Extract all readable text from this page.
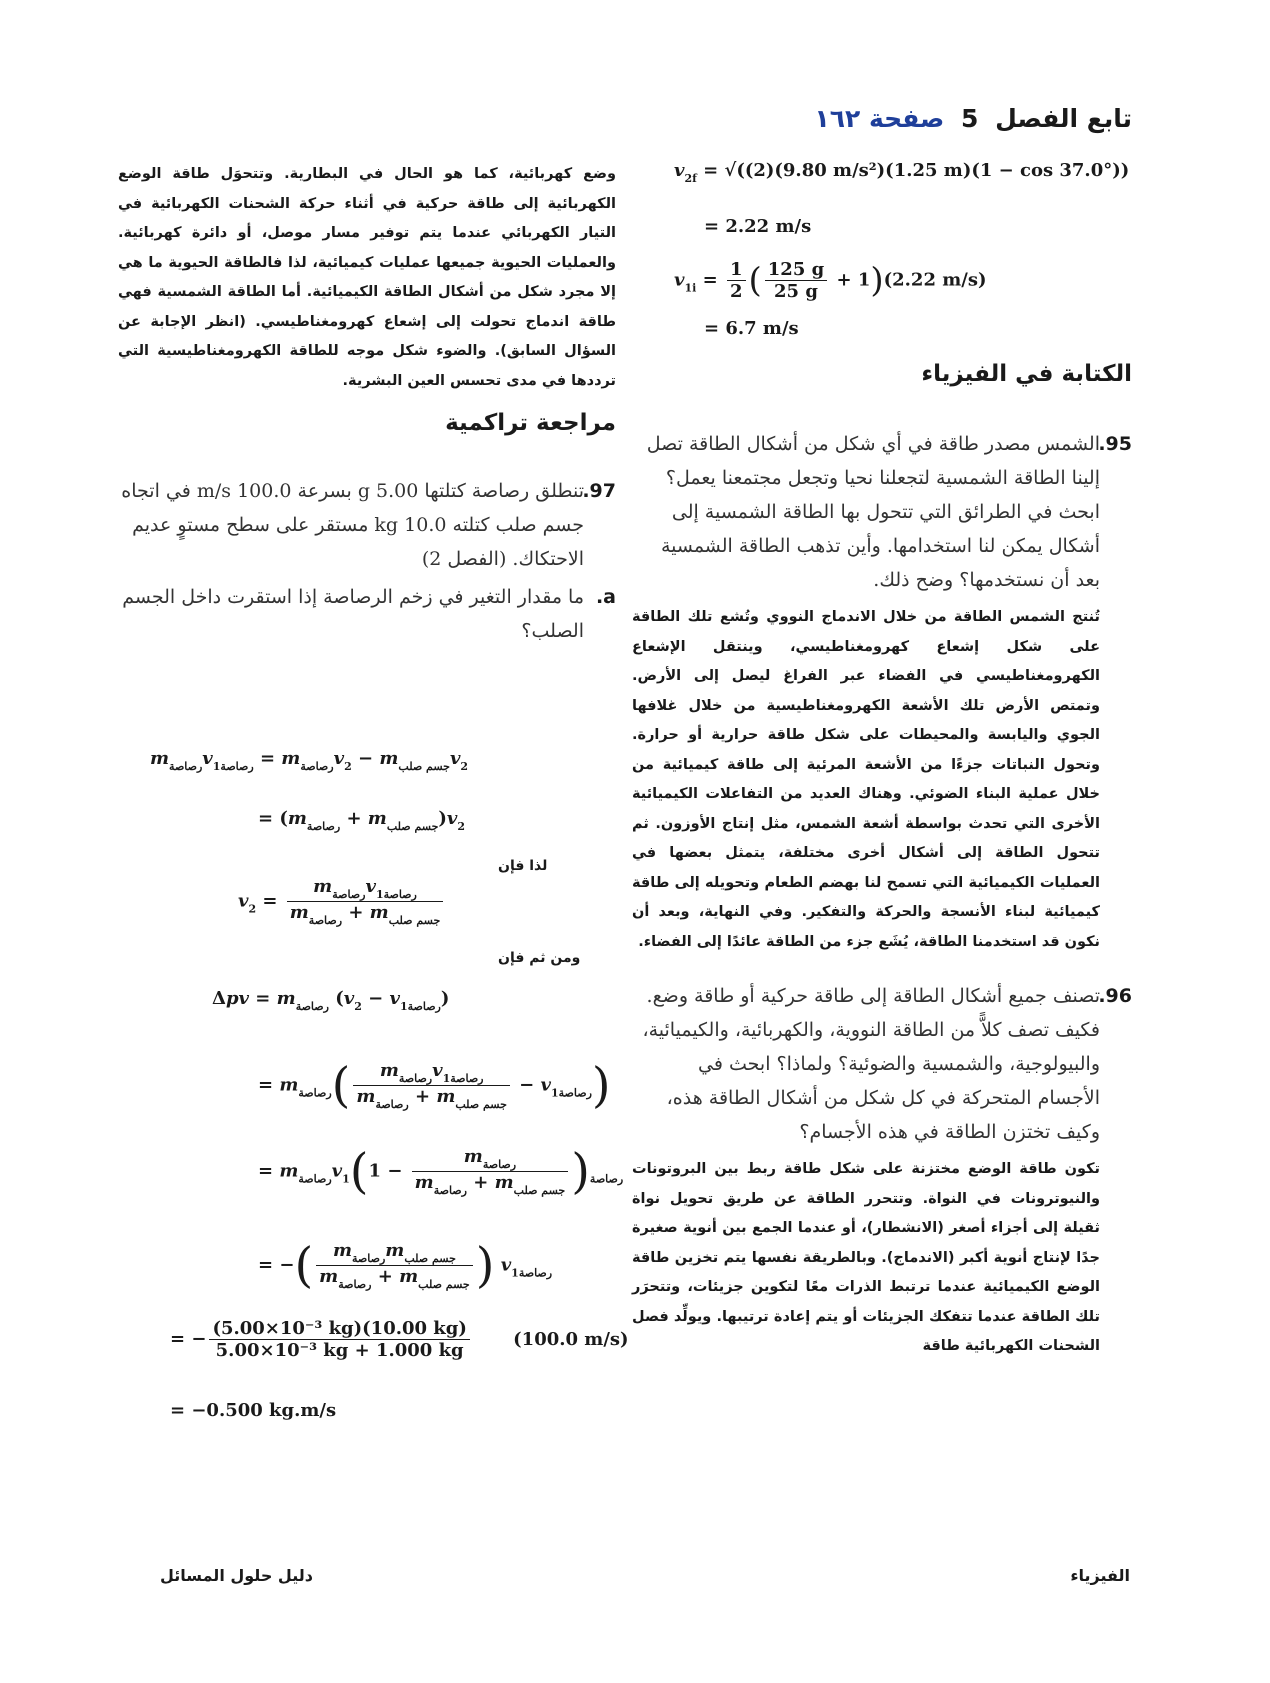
تابع الفصل 5 صفحة ١٦٢
$v_{2f} = √((2)(9.80$ m/s²)(1.25 m)(1 − cos 37.0°))
= 2.22 m/s
$v_{1i} = \frac{1}{2}$ ( $\frac{125 g}{25 g} + 1)(2.22$ m/s)
= 6.7 m/s
الكتابة في الفيزياء

95.
الشمس مصدر طاقة في أي شكل من أشكال الطاقة تصل إلينا الطاقة الشمسية لتجعلنا نحيا وتجعل مجتمعنا يعمل؟ ابحث في الطرائق التي تتحول بها الطاقة الشمسية إلى أشكال يمكن لنا استخدامها. وأين تذهب الطاقة الشمسية بعد أن نستخدمها؟ وضح ذلك.

تُنتج الشمس الطاقة من خلال الاندماج النووي وتُشع تلك الطاقة على شكل إشعاع كهرومغناطيسي، وينتقل الإشعاع الكهرومغناطيسي في الفضاء عبر الفراغ ليصل إلى الأرض. وتمتص الأرض تلك الأشعة الكهرومغناطيسية من خلال غلافها الجوي واليابسة والمحيطات على شكل طاقة حرارية أو حرارة. وتحول النباتات جزءًا من الأشعة المرئية إلى طاقة كيميائية من خلال عملية البناء الضوئي. وهناك العديد من التفاعلات الكيميائية الأخرى التي تحدث بواسطة أشعة الشمس، مثل إنتاج الأوزون. ثم تتحول الطاقة إلى أشكال أخرى مختلفة، يتمثل بعضها في العمليات الكيميائية التي تسمح لنا بهضم الطعام وتحويله إلى طاقة كيميائية لبناء الأنسجة والحركة والتفكير. وفي النهاية، وبعد أن نكون قد استخدمنا الطاقة، يُشَع جزء من الطاقة عائدًا إلى الفضاء.

96.
تصنف جميع أشكال الطاقة إلى طاقة حركية أو طاقة وضع. فكيف تصف كلاًّ من الطاقة النووية، والكهربائية، والكيميائية، والبيولوجية، والشمسية والضوئية؟ ولماذا؟ ابحث في الأجسام المتحركة في كل شكل من أشكال الطاقة هذه، وكيف تختزن الطاقة في هذه الأجسام؟

تكون طاقة الوضع مختزنة على شكل طاقة ربط بين البروتونات والنيوترونات في النواة. وتتحرر الطاقة عن طريق تحويل نواة ثقيلة إلى أجزاء أصغر (الانشطار)، أو عندما الجمع بين أنوية صغيرة جدًا لإنتاج أنوية أكبر (الاندماج). وبالطريقة نفسها يتم تخزين طاقة الوضع الكيميائية عندما ترتبط الذرات معًا لتكوين جزيئات، وتتحرَر تلك الطاقة عندما تتفكك الجزيئات أو يتم إعادة ترتيبها. ويولِّد فصل الشحنات الكهربائية طاقة

وضع كهربائية، كما هو الحال في البطارية. وتتحوَل طاقة الوضع الكهربائية إلى طاقة حركية في أثناء حركة الشحنات الكهربائية في التيار الكهربائي عندما يتم توفير مسار موصل، أو دائرة كهربائية. والعمليات الحيوية جميعها عمليات كيميائية، لذا فالطاقة الحيوية ما هي إلا مجرد شكل من أشكال الطاقة الكيميائية. أما الطاقة الشمسية فهي طاقة اندماج تحولت إلى إشعاع كهرومغناطيسي. (انظر الإجابة عن السؤال السابق). والضوء شكل موجه للطاقة الكهرومغناطيسية التي ترددها في مدى تحسس العين البشرية.

مراجعة تراكمية

97.
تنطلق رصاصة كتلتها 5.00 g بسرعة 100.0 m/s في اتجاه جسم صلب كتلته 10.0 kg مستقر على سطح مستوٍ عديم الاحتكاك. (الفصل 2)

a.
ما مقدار التغير في زخم الرصاصة إذا استقرت داخل الجسم الصلب؟

$m_{رصاصة}v_{1رصاصة} = m_{رصاصة}v_2 - m_{جسم صلب}v_2$
= $(m_{رصاصة} + m_{جسم صلب})v_2$
لذا فإن
$v_2 = \frac{m_{رصاصة}v_{1رصاصة}}{m_{رصاصة} + m_{جسم صلب}}$
ومن ثم فإن
$\Delta pv = m_{رصاصة}$ $(v_2 - v_{1رصاصة})$
= $m_{رصاصة}( \frac{m_{رصاصة}v_{1رصاصة}}{m_{رصاصة} + m_{جسم صلب}} - v_{1رصاصة})$
= $m_{رصاصة}v_{1 رصاصة}$(
$\frac{m_{رصاصة}}{m_{رصاصة} + m_{جسم صلب}}$
− 1)
= −( $\frac{m_{رصاصة}m_{جسم صلب}}{m_{رصاصة} + m_{جسم صلب}}$ ) $v_{1رصاصة}$
= − $\frac{\text{(5.00×10⁻³ kg)(10.00 kg)}}{\text{5.00×10⁻³ kg + 1.000 kg}} (100.0$ m/s)
= −0.500 kg.m/s
دليل حلول المسائل	الفيزياء
